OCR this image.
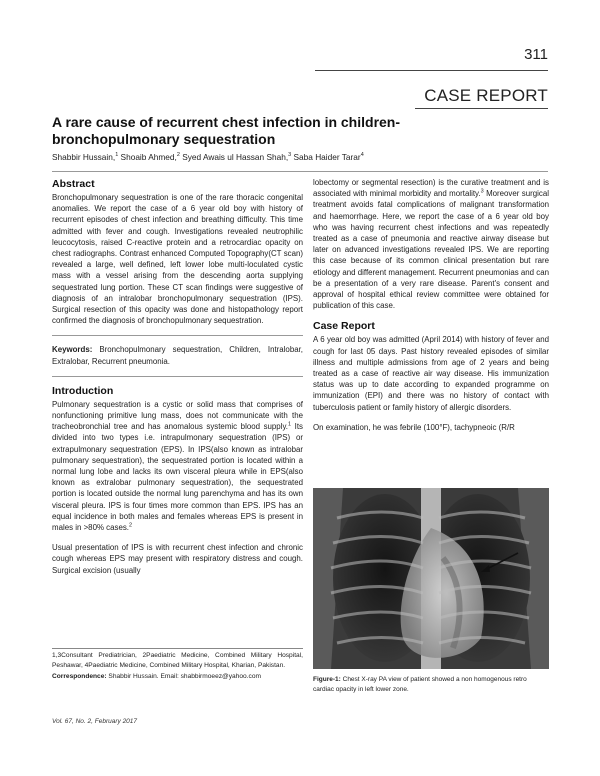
311
CASE REPORT
A rare cause of recurrent chest infection in children-bronchopulmonary sequestration
Shabbir Hussain,$^1$ Shoaib Ahmed,$^2$ Syed Awais ul Hassan Shah,$^3$ Saba Haider Tarar$^4$
Abstract

Bronchopulmonary sequestration is one of the rare thoracic congenital anomalies. We report the case of a 6 year old boy with history of recurrent episodes of chest infection and breathing difficulty. This time admitted with fever and cough. Investigations revealed neutrophilic leucocytosis, raised C-reactive protein and a retrocardiac opacity on chest radiographs. Contrast enhanced Computed Topography(CT scan) revealed a large, well defined, left lower lobe multi-loculated cystic mass with a vessel arising from the descending aorta supplying sequestrated lung portion. These CT scan findings were suggestive of diagnosis of an intralobar bronchopulmonary sequestration (IPS). Surgical resection of this opacity was done and histopathology report confirmed the diagnosis of bronchopulmonary sequestration.

Keywords: Bronchopulmonary sequestration, Children, Intralobar, Extralobar, Recurrent pneumonia.

Introduction

Pulmonary sequestration is a cystic or solid mass that comprises of nonfunctioning primitive lung mass, does not communicate with the tracheobronchial tree and has anomalous systemic blood supply.$^1$ Its divided into two types i.e. intrapulmonary sequestration (IPS) or extrapulmonary sequestration (EPS). In IPS(also known as intralobar pulmonary sequestration), the sequestrated portion is located within a normal lung lobe and lacks its own visceral pleura while in EPS(also known as extralobar pulmonary sequestration), the sequestrated portion is located outside the normal lung parenchyma and has its own visceral pleura. IPS is four times more common than EPS. IPS has an equal incidence in both males and females whereas EPS is present in males in >80% cases.$^2$

Usual presentation of IPS is with recurrent chest infection and chronic cough whereas EPS may present with respiratory distress and cough. Surgical excision (usually

1,3Consultant Prediatrician, 2Paediatric Medicine, Combined Military Hospital, Peshawar, 4Paediatric Medicine, Combined Military Hospital, Kharian, Pakistan.

Correspondence: Shabbir Hussain. Email: shabbirmoeez@yahoo.com

lobectomy or segmental resection) is the curative treatment and is associated with minimal morbidity and mortality.$^3$ Moreover surgical treatment avoids fatal complications of malignant transformation and haemorrhage. Here, we report the case of a 6 year old boy who was having recurrent chest infections and was repeatedly treated as a case of pneumonia and reactive airway disease but later on advanced investigations revealed IPS. We are reporting this case because of its common clinical presentation but rare etiology and different management. Recurrent pneumonias and can be a presentation of a very rare disease. Parent's consent and approval of hospital ethical review committee were obtained for publication of this case.

Case Report

A 6 year old boy was admitted (April 2014) with history of fever and cough for last 05 days. Past history revealed episodes of similar illness and multiple admissions from age of 2 years and being treated as a case of reactive air way disease. His immunization status was up to date according to expanded programme on immunization (EPI) and there was no history of contact with tuberculosis patient or family history of allergic disorders.

On examination, he was febrile (100°F), tachypneoic (R/R

Figure-1: Chest X-ray PA view of patient showed a non homogenous retro cardiac opacity in left lower zone.
Vol. 67, No. 2, February 2017
